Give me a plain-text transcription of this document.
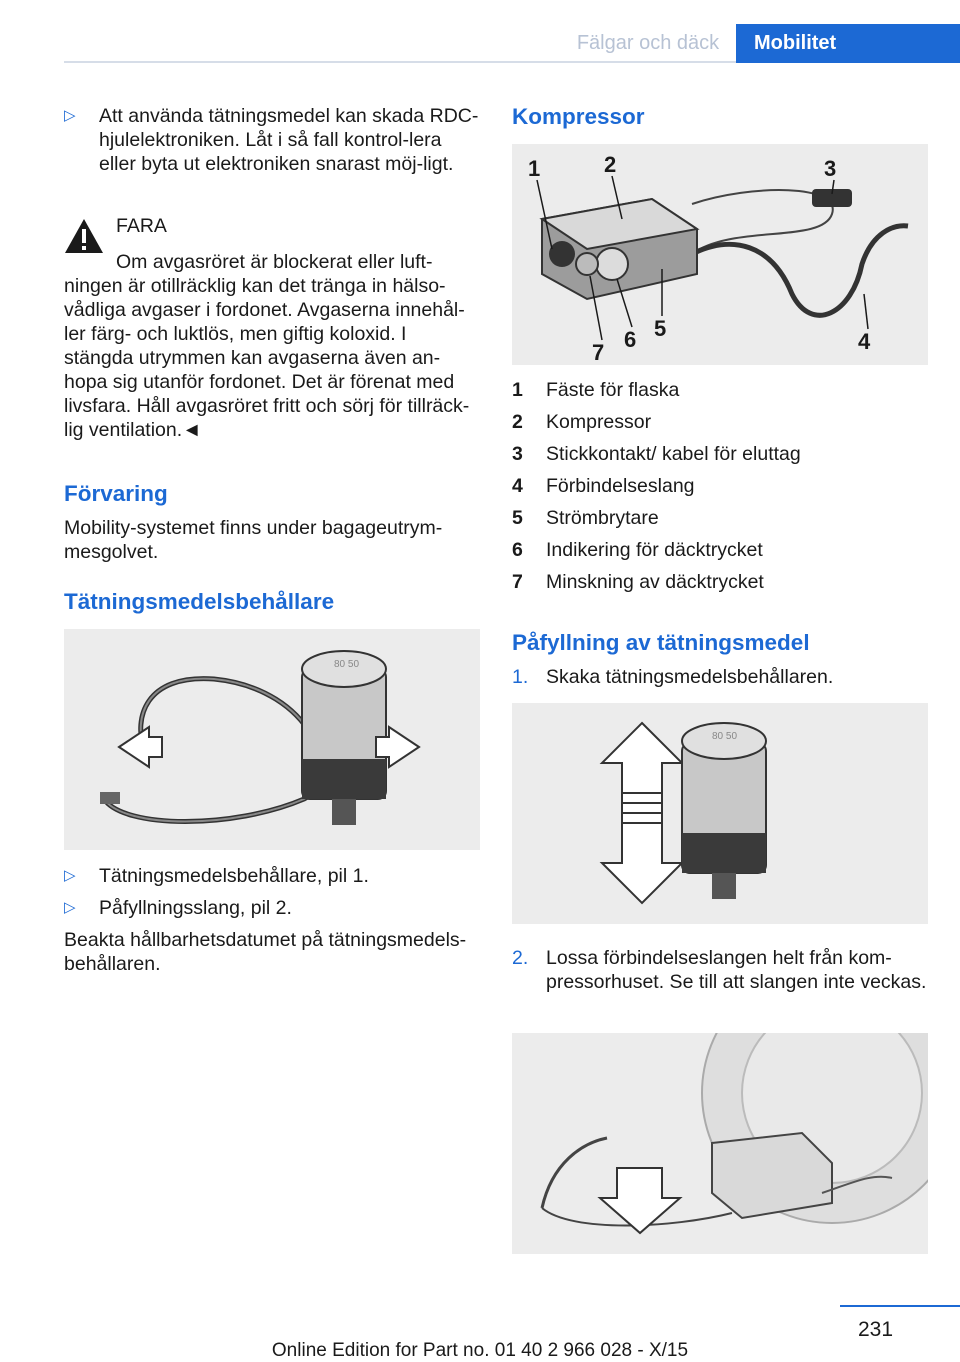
Fälgar och däck	Mobilitet
▷ Att använda tätningsmedel kan skada RDC-hjulelektroniken. Låt i så fall kontrol-lera eller byta ut elektroniken snarast möj-ligt.

FARA

Om avgasröret är blockerat eller luft-ningen är otillräcklig kan det tränga in hälso-vådliga avgaser i fordonet. Avgaserna innehål-ler färg- och luktlös, men giftig koloxid. I stängda utrymmen kan avgaserna även an-hopa sig utanför fordonet. Det är förenat med livsfara. Håll avgasröret fritt och sörj för tillräck-lig ventilation.◄

Förvaring

Mobility-systemet finns under bagageutrym-mesgolvet.

Tätningsmedelsbehållare
80 50
▷ Tätningsmedelsbehållare, pil 1.

▷ Påfyllningsslang, pil 2.

Beakta hållbarhetsdatumet på tätningsmedels-behållaren.

Kompressor
1	2	3
4
5
6
7
1 Fäste för flaska
2 Kompressor
3 Stickkontakt/ kabel för eluttag
4 Förbindelseslang
5 Strömbrytare
6 Indikering för däcktrycket
7 Minskning av däcktrycket
Påfyllning av tätningsmedel
1. Skaka tätningsmedelsbehållaren.

80 50
2. Lossa förbindelseslangen helt från kom-pressorhuset. Se till att slangen inte veckas.

231
Online Edition for Part no. 01 40 2 966 028 - X/15
